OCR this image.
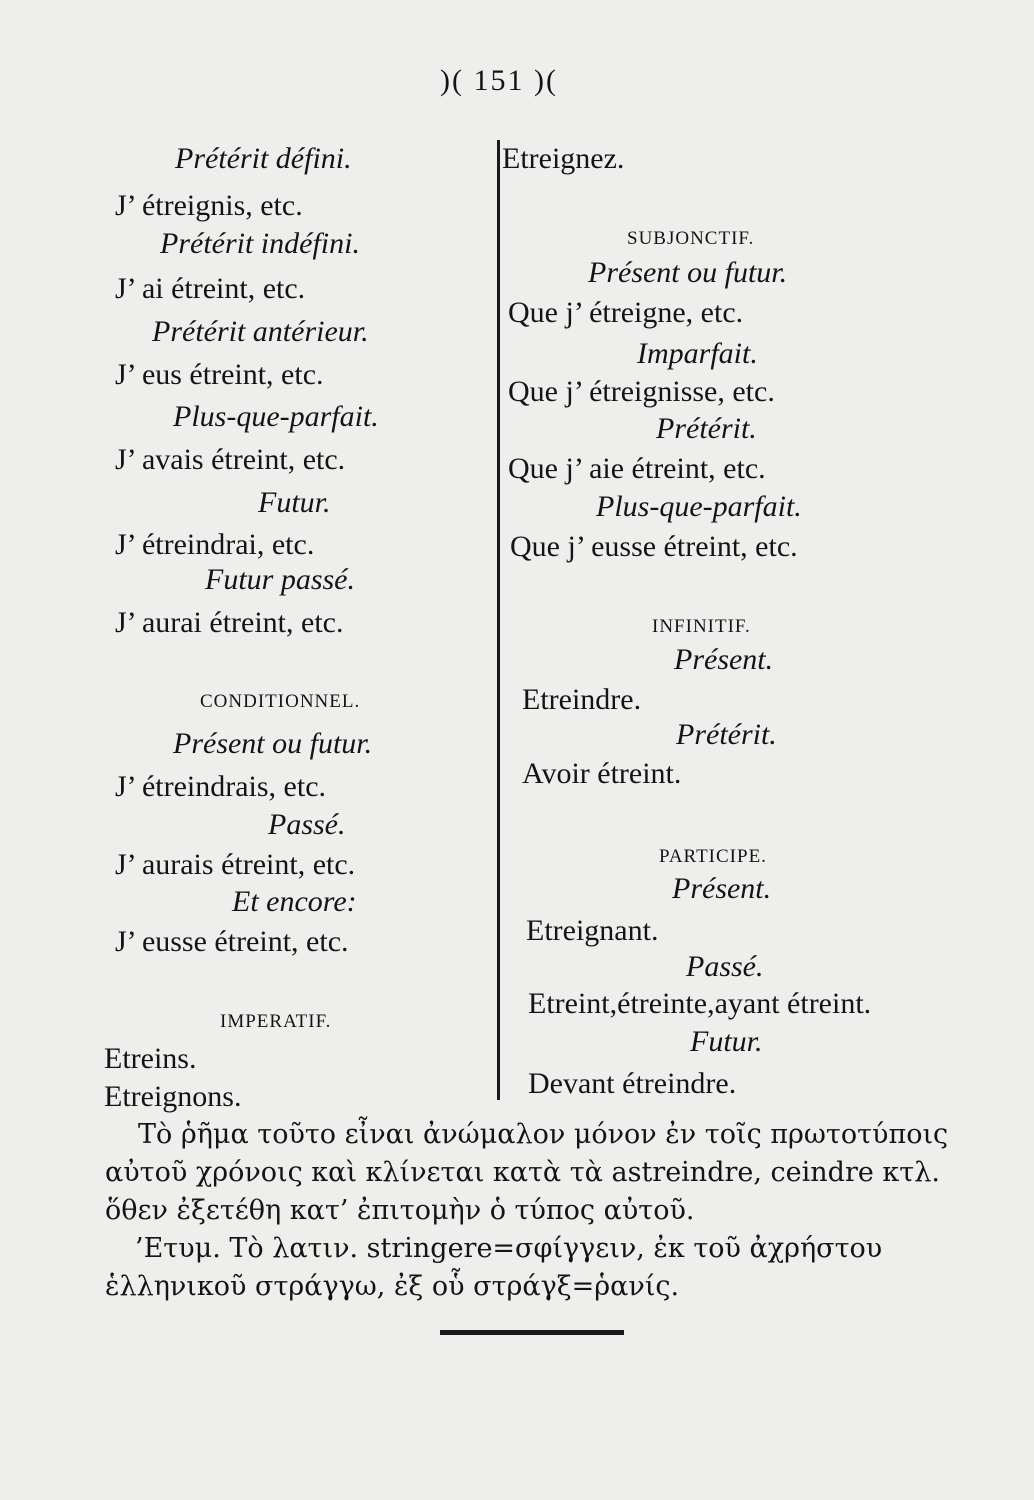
)( 151 )(
Prétérit défini.
J’ étreignis, etc.
Prétérit indéfini.
J’ ai étreint, etc.
Prétérit antérieur.
J’ eus étreint, etc.
Plus-que-parfait.
J’ avais étreint, etc.
Futur.
J’ étreindrai, etc.
Futur passé.
J’ aurai étreint, etc.
CONDITIONNEL.
Présent ou futur.
J’ étreindrais, etc.
Passé.
J’ aurais étreint, etc.
Et encore:
J’ eusse étreint, etc.
IMPERATIF.
Etreins.
Etreignons.
Etreignez.
SUBJONCTIF.
Présent ou futur.
Que j’ étreigne, etc.
Imparfait.
Que j’ étreignisse, etc.
Prétérit.
Que j’ aie étreint, etc.
Plus-que-parfait.
Que j’ eusse étreint, etc.
INFINITIF.
Présent.
Etreindre.
Prétérit.
Avoir étreint.
PARTICIPE.
Présent.
Etreignant.
Passé.
Etreint,étreinte,ayant étreint.
Futur.
Devant étreindre.
Τὸ ῥῆμα τοῦτο εἶναι ἀνώμαλον μόνον ἐν τοῖς πρωτοτύποις
αὐτοῦ χρόνοις καὶ κλίνεται κατὰ τὰ astreindre, ceindre κτλ.
ὅθεν ἐξετέθη κατ’ ἐπιτομὴν ὁ τύπος αὐτοῦ.
’Ετυμ. Τὸ λατιν. stringere=σφίγγειν, ἐκ τοῦ ἀχρήστου
ἑλληνικοῦ στράγγω, ἐξ οὗ στράγξ=ῥανίς.
